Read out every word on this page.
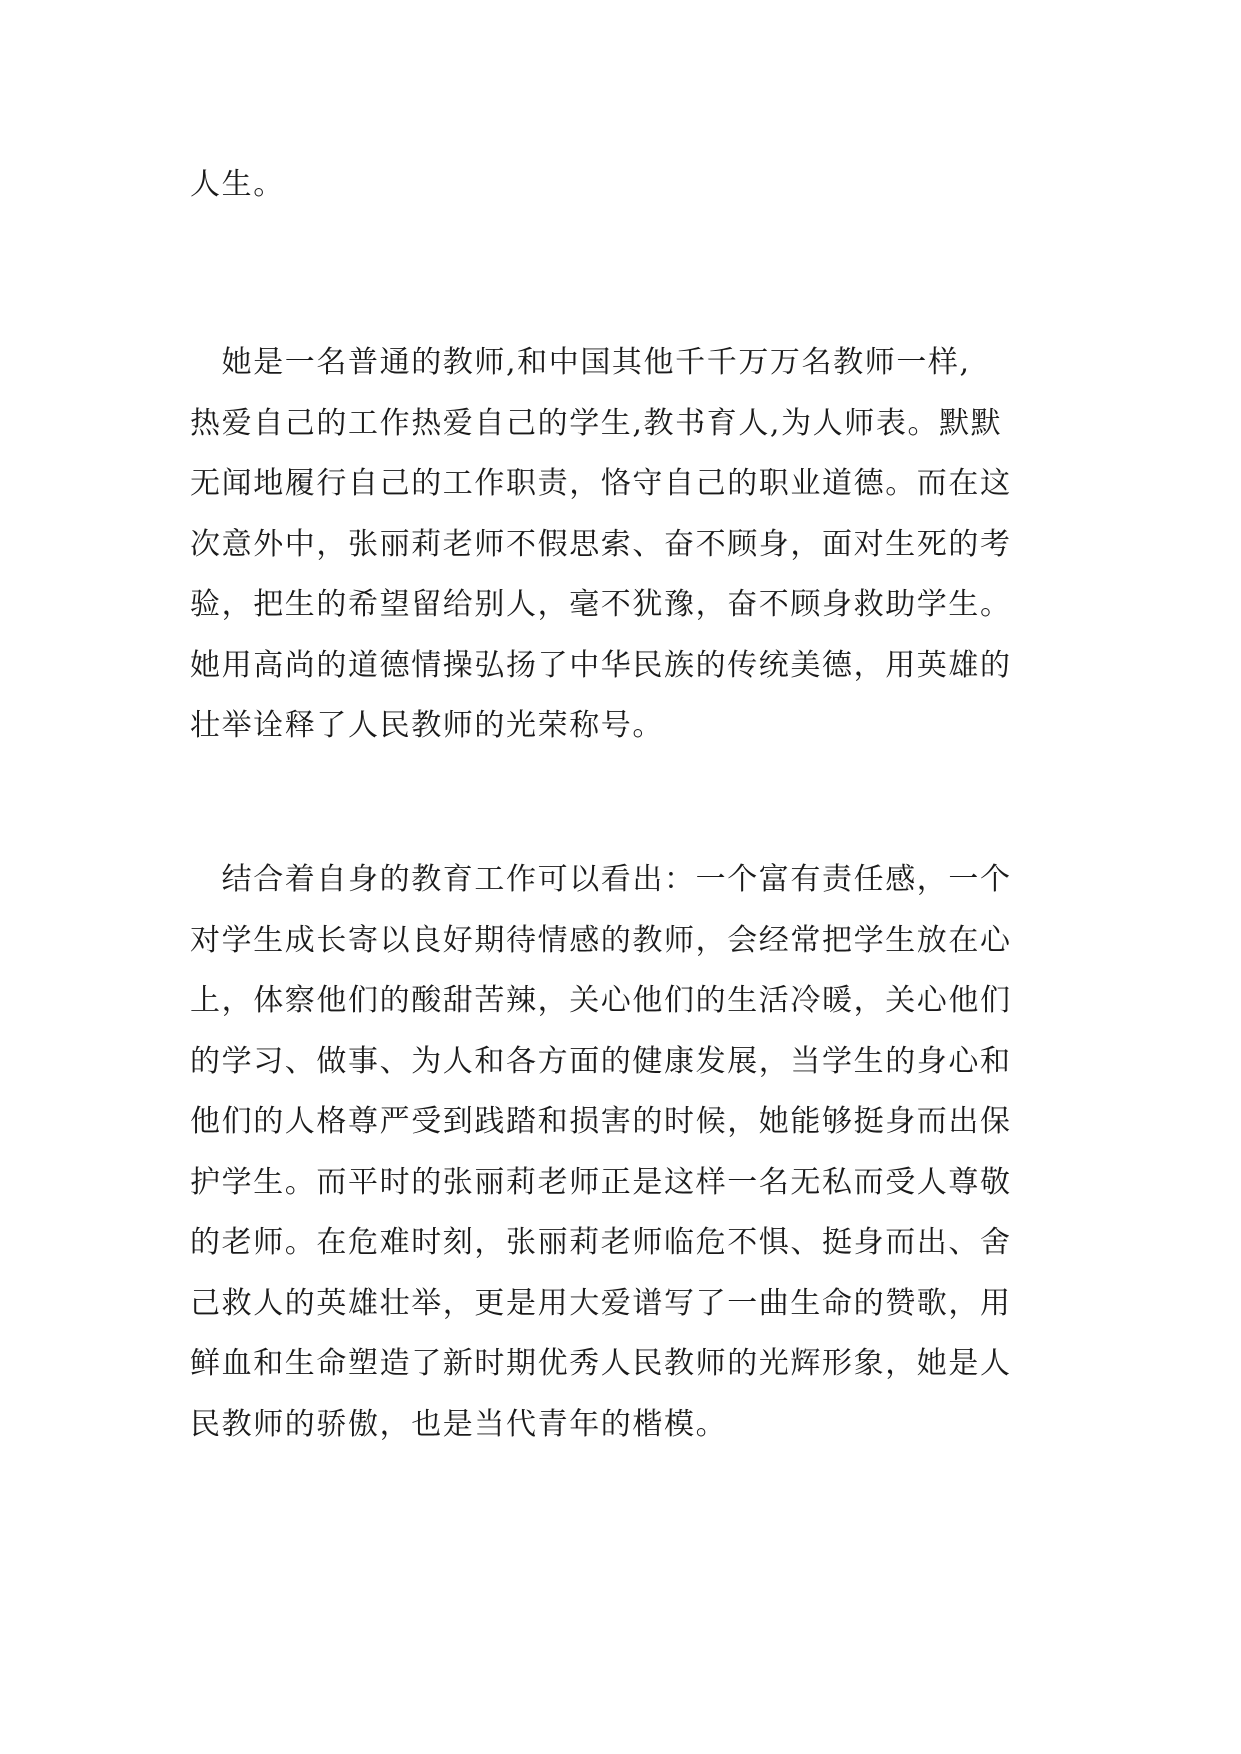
人生。

　她是一名普通的教师,和中国其他千千万万名教师一样,
热爱自己的工作热爱自己的学生,教书育人,为人师表。默默
无闻地履行自己的工作职责，恪守自己的职业道德。而在这
次意外中，张丽莉老师不假思索、奋不顾身，面对生死的考
验，把生的希望留给别人，毫不犹豫，奋不顾身救助学生。
她用高尚的道德情操弘扬了中华民族的传统美德，用英雄的
壮举诠释了人民教师的光荣称号。

　结合着自身的教育工作可以看出：一个富有责任感，一个
对学生成长寄以良好期待情感的教师，会经常把学生放在心
上，体察他们的酸甜苦辣，关心他们的生活冷暖，关心他们
的学习、做事、为人和各方面的健康发展，当学生的身心和
他们的人格尊严受到践踏和损害的时候，她能够挺身而出保
护学生。而平时的张丽莉老师正是这样一名无私而受人尊敬
的老师。在危难时刻，张丽莉老师临危不惧、挺身而出、舍
己救人的英雄壮举，更是用大爱谱写了一曲生命的赞歌，用
鲜血和生命塑造了新时期优秀人民教师的光辉形象，她是人
民教师的骄傲，也是当代青年的楷模。
